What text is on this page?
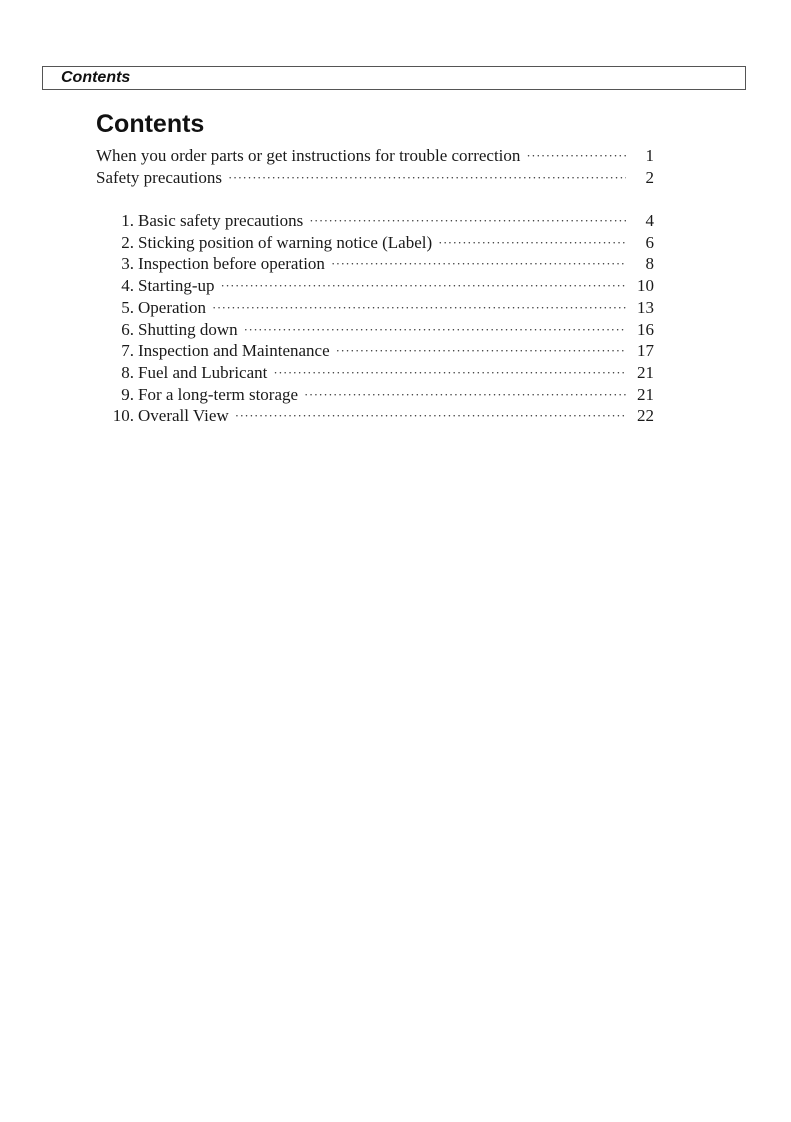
Contents
Contents
When you order parts or get instructions for trouble correction ·····	1
Safety precautions ·····	2
1. Basic safety precautions ·····	4
2. Sticking position of warning notice (Label) ·····	6
3. Inspection before operation ·····	8
4. Starting-up ·····	10
5. Operation ·····	13
6. Shutting down ·····	16
7. Inspection and Maintenance ·····	17
8. Fuel and Lubricant ·····	21
9. For a long-term storage ·····	21
10. Overall View ·····	22
